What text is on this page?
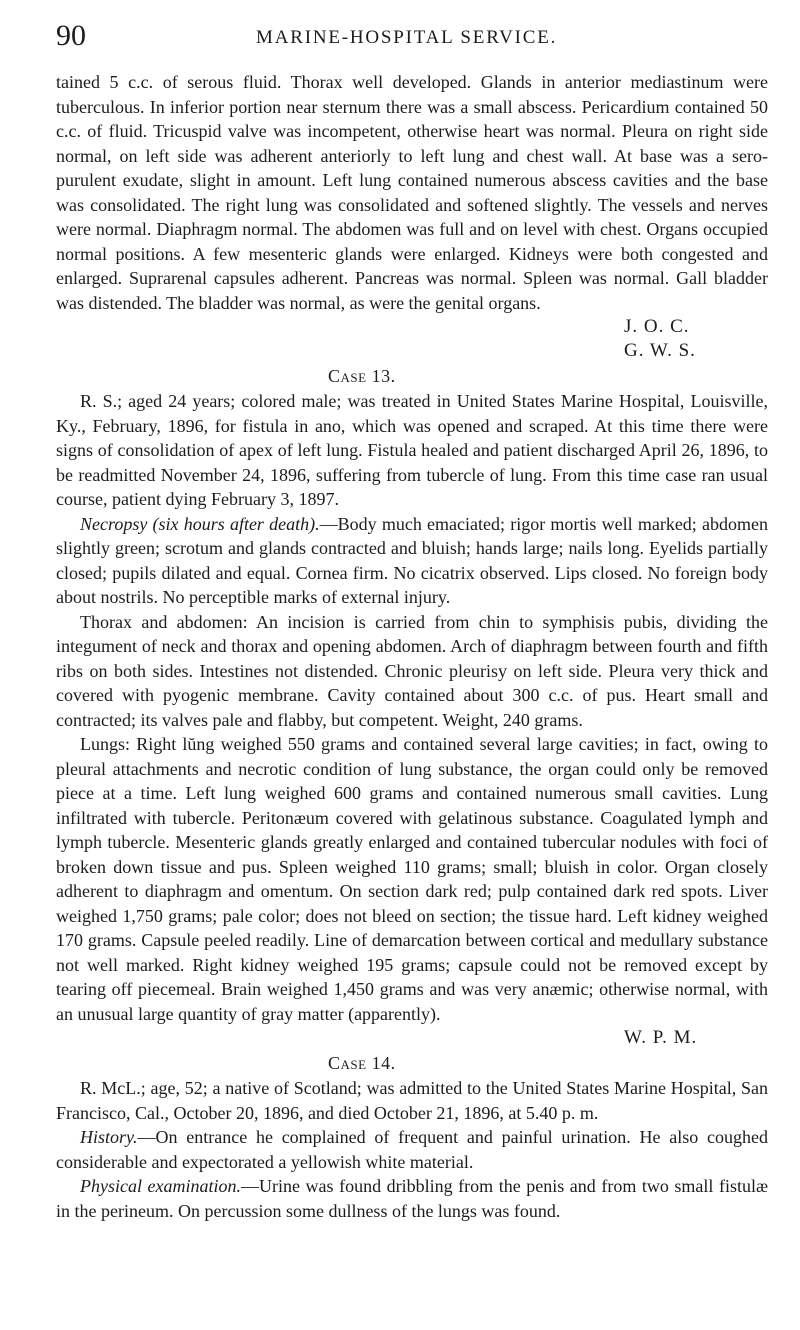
90	MARINE-HOSPITAL SERVICE.

tained 5 c.c. of serous fluid. Thorax well developed. Glands in anterior mediastinum were tuberculous. In inferior portion near sternum there was a small abscess. Pericardium contained 50 c.c. of fluid. Tricuspid valve was incompetent, otherwise heart was normal. Pleura on right side normal, on left side was adherent anteriorly to left lung and chest wall. At base was a sero-purulent exudate, slight in amount. Left lung contained numerous abscess cavities and the base was consolidated. The right lung was consolidated and softened slightly. The vessels and nerves were normal. Diaphragm normal. The abdomen was full and on level with chest. Organs occupied normal positions. A few mesenteric glands were enlarged. Kidneys were both congested and enlarged. Suprarenal capsules adherent. Pancreas was normal. Spleen was normal. Gall bladder was distended. The bladder was normal, as were the genital organs.

J. O. C.

G. W. S.

Case 13.

R. S.; aged 24 years; colored male; was treated in United States Marine Hospital, Louisville, Ky., February, 1896, for fistula in ano, which was opened and scraped. At this time there were signs of consolidation of apex of left lung. Fistula healed and patient discharged April 26, 1896, to be readmitted November 24, 1896, suffering from tubercle of lung. From this time case ran usual course, patient dying February 3, 1897.

Necropsy (six hours after death).—Body much emaciated; rigor mortis well marked; abdomen slightly green; scrotum and glands contracted and bluish; hands large; nails long. Eyelids partially closed; pupils dilated and equal. Cornea firm. No cicatrix observed. Lips closed. No foreign body about nostrils. No perceptible marks of external injury.

Thorax and abdomen: An incision is carried from chin to symphisis pubis, dividing the integument of neck and thorax and opening abdomen. Arch of diaphragm between fourth and fifth ribs on both sides. Intestines not distended. Chronic pleurisy on left side. Pleura very thick and covered with pyogenic membrane. Cavity contained about 300 c.c. of pus. Heart small and contracted; its valves pale and flabby, but competent. Weight, 240 grams.

Lungs: Right lŭng weighed 550 grams and contained several large cavities; in fact, owing to pleural attachments and necrotic condition of lung substance, the organ could only be removed piece at a time. Left lung weighed 600 grams and contained numerous small cavities. Lung infiltrated with tubercle. Peritonæum covered with gelatinous substance. Coagulated lymph and lymph tubercle. Mesenteric glands greatly enlarged and contained tubercular nodules with foci of broken down tissue and pus. Spleen weighed 110 grams; small; bluish in color. Organ closely adherent to diaphragm and omentum. On section dark red; pulp contained dark red spots. Liver weighed 1,750 grams; pale color; does not bleed on section; the tissue hard. Left kidney weighed 170 grams. Capsule peeled readily. Line of demarcation between cortical and medullary substance not well marked. Right kidney weighed 195 grams; capsule could not be removed except by tearing off piecemeal. Brain weighed 1,450 grams and was very anæmic; otherwise normal, with an unusual large quantity of gray matter (apparently).

W. P. M.

Case 14.

R. McL.; age, 52; a native of Scotland; was admitted to the United States Marine Hospital, San Francisco, Cal., October 20, 1896, and died October 21, 1896, at 5.40 p. m.

History.—On entrance he complained of frequent and painful urination. He also coughed considerable and expectorated a yellowish white material.

Physical examination.—Urine was found dribbling from the penis and from two small fistulæ in the perineum. On percussion some dullness of the lungs was found.
